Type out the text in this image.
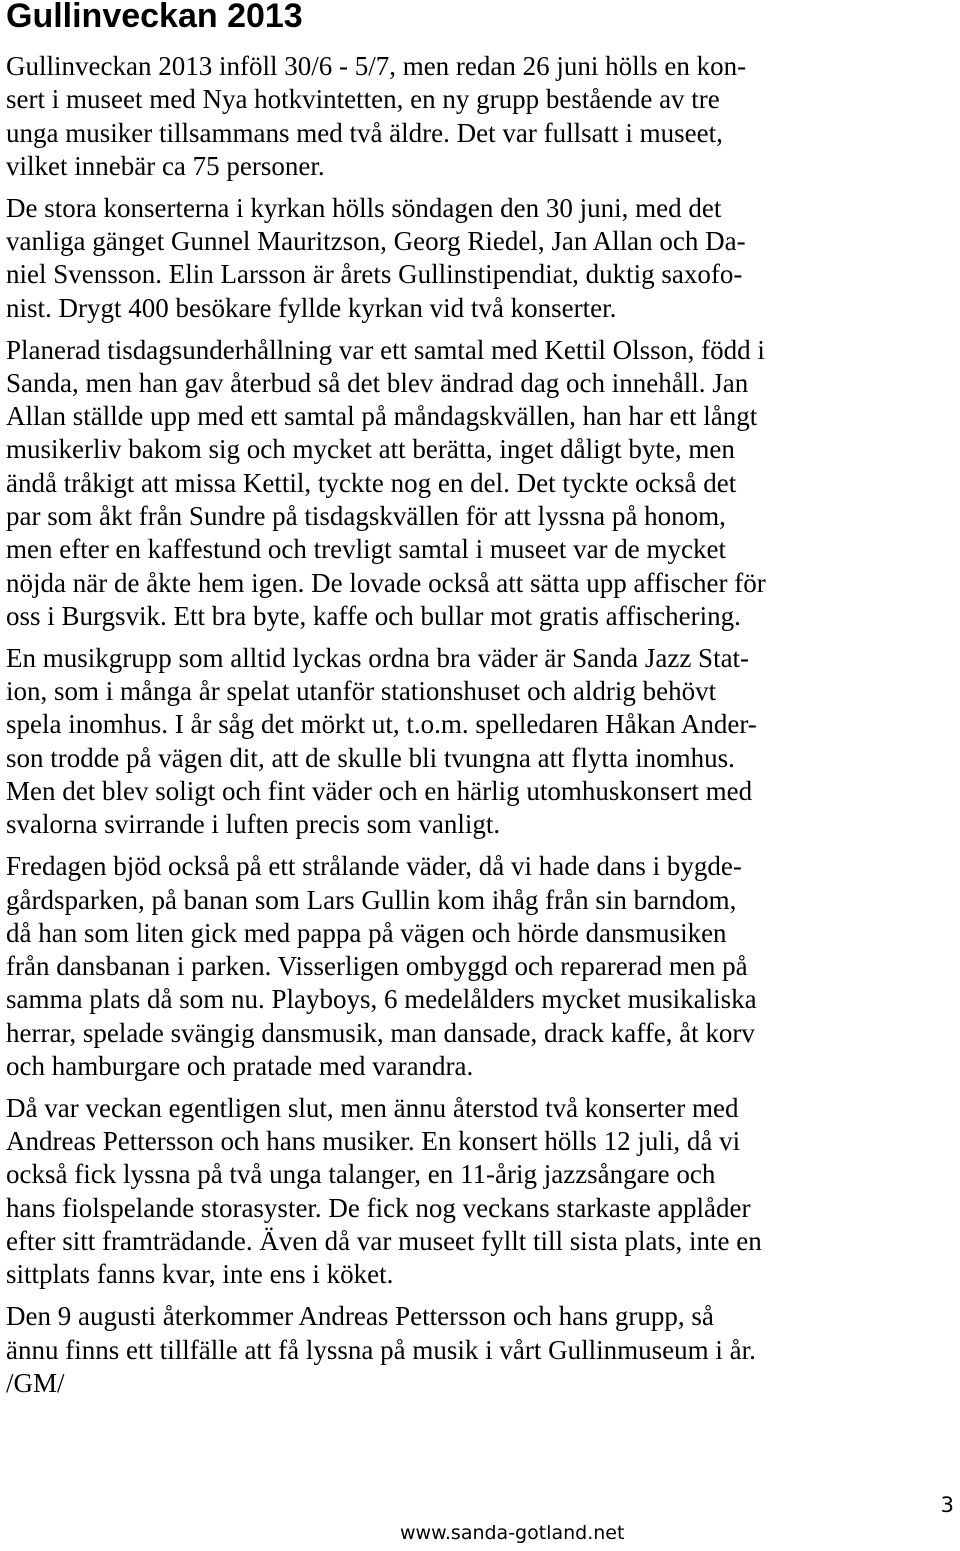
Gullinveckan 2013

Gullinveckan 2013 inföll 30/6 - 5/7, men redan 26 juni hölls en kon-
sert i museet med Nya hotkvintetten, en ny grupp bestående av tre
unga musiker tillsammans med två äldre. Det var fullsatt i museet,
vilket innebär ca 75 personer.

De stora konserterna i kyrkan hölls söndagen den 30 juni, med det
vanliga gänget Gunnel Mauritzson, Georg Riedel, Jan Allan och Da-
niel Svensson. Elin Larsson är årets Gullinstipendiat, duktig saxofo-
nist. Drygt 400 besökare fyllde kyrkan vid två konserter.

Planerad tisdagsunderhållning var ett samtal med Kettil Olsson, född i
Sanda, men han gav återbud så det blev ändrad dag och innehåll. Jan
Allan ställde upp med ett samtal på måndagskvällen, han har ett långt
musikerliv bakom sig och mycket att berätta, inget dåligt byte, men
ändå tråkigt att missa Kettil, tyckte nog en del. Det tyckte också det
par som åkt från Sundre på tisdagskvällen för att lyssna på honom,
men efter en kaffestund och trevligt samtal i museet var de mycket
nöjda när de åkte hem igen. De lovade också att sätta upp affischer för
oss i Burgsvik. Ett bra byte, kaffe och bullar mot gratis affischering.

En musikgrupp som alltid lyckas ordna bra väder är Sanda Jazz Stat-
ion, som i många år spelat utanför stationshuset och aldrig behövt
spela inomhus. I år såg det mörkt ut, t.o.m. spelledaren Håkan Ander-
son trodde på vägen dit, att de skulle bli tvungna att flytta inomhus.
Men det blev soligt och fint väder och en härlig utomhuskonsert med
svalorna svirrande i luften precis som vanligt.

Fredagen bjöd också på ett strålande väder, då vi hade dans i bygde-
gårdsparken, på banan som Lars Gullin kom ihåg från sin barndom,
då han som liten gick med pappa på vägen och hörde dansmusiken
från dansbanan i parken. Visserligen ombyggd och reparerad men på
samma plats då som nu. Playboys, 6 medelålders mycket musikaliska
herrar, spelade svängig dansmusik, man dansade, drack kaffe, åt korv
och hamburgare och pratade med varandra.

Då var veckan egentligen slut, men ännu återstod två konserter med
Andreas Pettersson och hans musiker. En konsert hölls 12 juli, då vi
också fick lyssna på två unga talanger, en 11-årig jazzsångare och
hans fiolspelande storasyster. De fick nog veckans starkaste applåder
efter sitt framträdande. Även då var museet fyllt till sista plats, inte en
sittplats fanns kvar, inte ens i köket.

Den 9 augusti återkommer Andreas Pettersson och hans grupp, så
ännu finns ett tillfälle att få lyssna på musik i vårt Gullinmuseum i år.
/GM/

3
www.sanda-gotland.net
